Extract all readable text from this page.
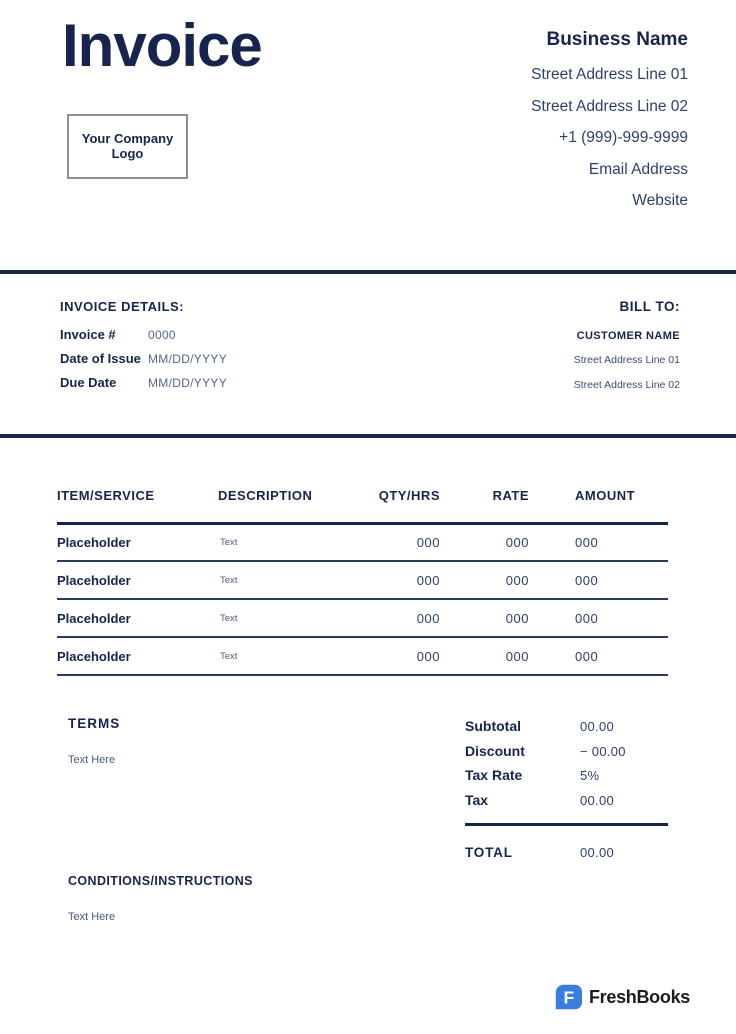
Invoice
Your Company Logo
Business Name
Street Address Line 01
Street Address Line 02
+1 (999)-999-9999
Email Address
Website
INVOICE DETAILS:
Invoice #	0000
Date of Issue MM/DD/YYYY
Due Date	MM/DD/YYYY
BILL TO:
CUSTOMER NAME
Street Address Line 01
Street Address Line 02
ITEM/SERVICE	DESCRIPTION	QTY/HRS	RATE	AMOUNT
Placeholder	Text	000	000	000
Placeholder	Text	000	000	000
Placeholder	Text	000	000	000
Placeholder	Text	000	000	000
TERMS
Text Here
Subtotal	00.00
Discount	− 00.00
Tax Rate	5%
Tax	00.00
TOTAL	00.00
CONDITIONS/INSTRUCTIONS
Text Here
F FreshBooks
